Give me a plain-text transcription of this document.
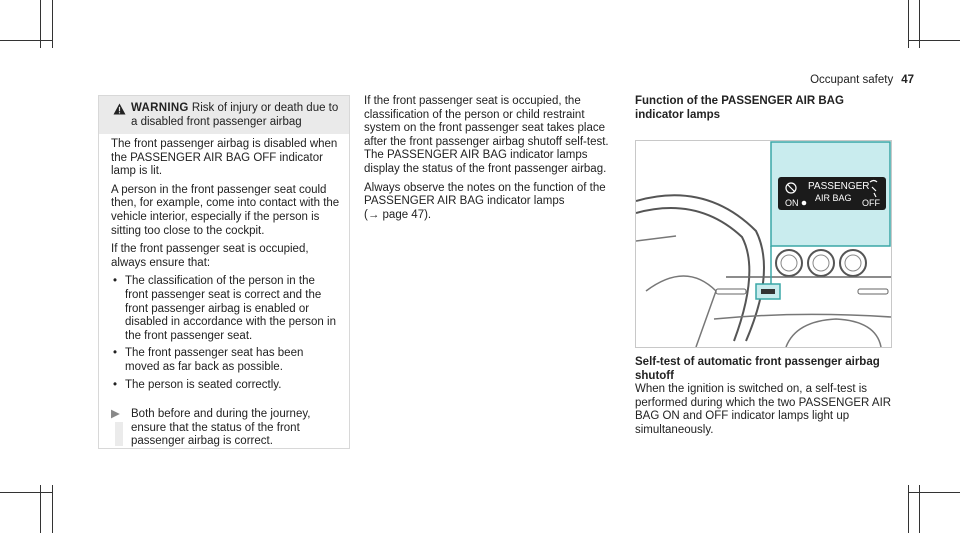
Occupant safety 47
WARNING Risk of injury or death due to
a disabled front passenger airbag

The front passenger airbag is disabled when the PASSENGER AIR BAG OFF indicator lamp is lit.

A person in the front passenger seat could then, for example, come into contact with the vehicle interior, especially if the person is sitting too close to the cockpit.

If the front passenger seat is occupied, always ensure that:

• The classification of the person in the front passenger seat is correct and the front passenger airbag is enabled or disabled in accordance with the person in the front passenger seat.
• The front passenger seat has been moved as far back as possible.
• The person is seated correctly.
▶ Both before and during the journey, ensure that the status of the front passenger airbag is correct.

If the front passenger seat is occupied, the classification of the person or child restraint system on the front passenger seat takes place after the front passenger airbag shutoff self-test. The PASSENGER AIR BAG indicator lamps display the status of the front passenger airbag.

Always observe the notes on the function of the PASSENGER AIR BAG indicator lamps
(→ page 47).

Function of the PASSENGER AIR BAG indicator lamps
PASSENGER
AIR BAG
ON	OFF
Self-test of automatic front passenger airbag shutoff

When the ignition is switched on, a self-test is performed during which the two PASSENGER AIR BAG ON and OFF indicator lamps light up simultaneously.
